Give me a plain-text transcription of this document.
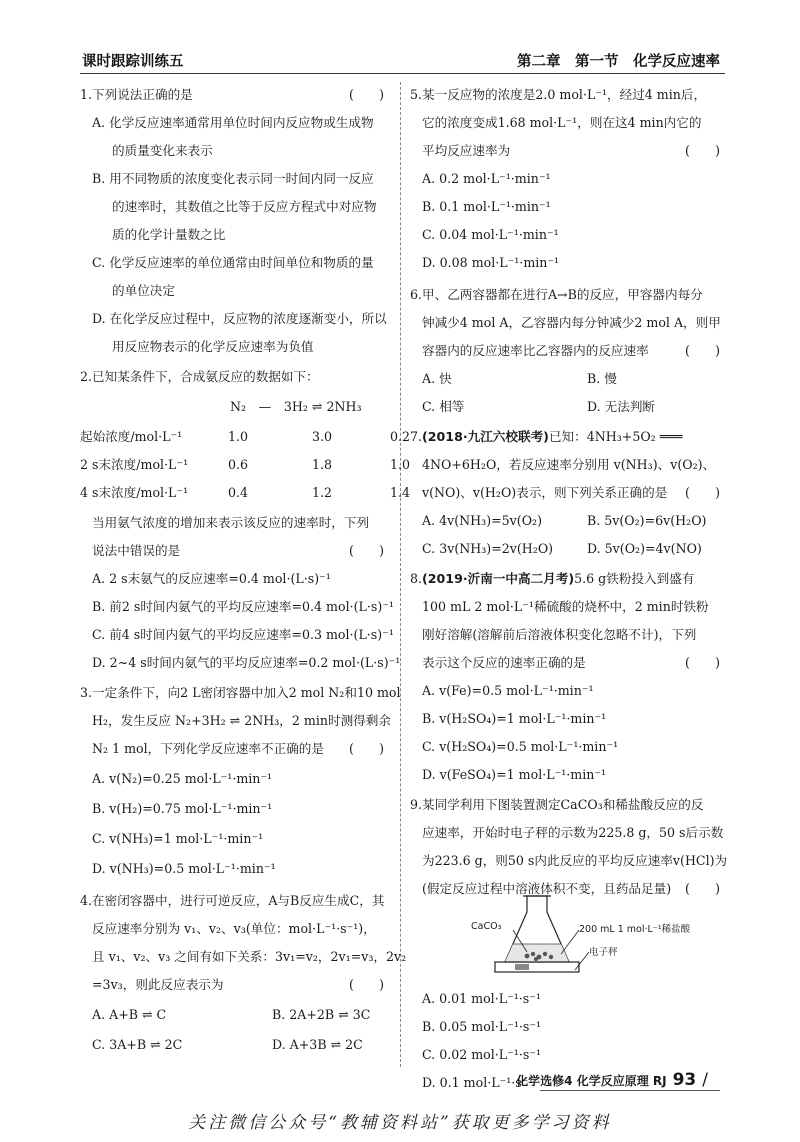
课时跟踪训练五	第二章　第一节　化学反应速率
1.下列说法正确的是	(　　)
A. 化学反应速率通常用单位时间内反应物或生成物
的质量变化来表示
B. 用不同物质的浓度变化表示同一时间内同一反应
的速率时，其数值之比等于反应方程式中对应物
质的化学计量数之比
C. 化学反应速率的单位通常由时间单位和物质的量
的单位决定
D. 在化学反应过程中，反应物的浓度逐渐变小，所以
用反应物表示的化学反应速率为负值
2.已知某条件下，合成氨反应的数据如下：
N₂　—　3H₂ ⇌ 2NH₃
起始浓度/mol·L⁻¹	1.0	3.0	0.2
2 s末浓度/mol·L⁻¹	0.6	1.8	1.0
4 s末浓度/mol·L⁻¹	0.4	1.2	1.4
当用氨气浓度的增加来表示该反应的速率时，下列
说法中错误的是	(　　)
A. 2 s末氨气的反应速率=0.4 mol·(L·s)⁻¹
B. 前2 s时间内氨气的平均反应速率=0.4 mol·(L·s)⁻¹
C. 前4 s时间内氨气的平均反应速率=0.3 mol·(L·s)⁻¹
D. 2~4 s时间内氨气的平均反应速率=0.2 mol·(L·s)⁻¹
3.一定条件下，向2 L密闭容器中加入2 mol N₂和10 mol
H₂，发生反应 N₂+3H₂ ⇌ 2NH₃，2 min时测得剩余
N₂ 1 mol，下列化学反应速率不正确的是 (　　)
A. v(N₂)=0.25 mol·L⁻¹·min⁻¹
B. v(H₂)=0.75 mol·L⁻¹·min⁻¹
C. v(NH₃)=1 mol·L⁻¹·min⁻¹
D. v(NH₃)=0.5 mol·L⁻¹·min⁻¹
4.在密闭容器中，进行可逆反应，A与B反应生成C，其
反应速率分别为 v₁、v₂、v₃(单位：mol·L⁻¹·s⁻¹)，
且 v₁、v₂、v₃ 之间有如下关系：3v₁=v₂，2v₁=v₃，2v₂
=3v₃，则此反应表示为	(　　)
A. A+B ⇌ C	B. 2A+2B ⇌ 3C
C. 3A+B ⇌ 2C	D. A+3B ⇌ 2C
5.某一反应物的浓度是2.0 mol·L⁻¹，经过4 min后，
它的浓度变成1.68 mol·L⁻¹，则在这4 min内它的
平均反应速率为	(　　)
A. 0.2 mol·L⁻¹·min⁻¹
B. 0.1 mol·L⁻¹·min⁻¹
C. 0.04 mol·L⁻¹·min⁻¹
D. 0.08 mol·L⁻¹·min⁻¹
6.甲、乙两容器都在进行A→B的反应，甲容器内每分
钟减少4 mol A，乙容器内每分钟减少2 mol A，则甲
容器内的反应速率比乙容器内的反应速率	(　　)
A. 快	B. 慢
C. 相等	D. 无法判断
7.(2018·九江六校联考)已知：4NH₃+5O₂ ═══
4NO+6H₂O，若反应速率分别用 v(NH₃)、v(O₂)、
v(NO)、v(H₂O)表示，则下列关系正确的是 (　　)
A. 4v(NH₃)=5v(O₂)	B. 5v(O₂)=6v(H₂O)
C. 3v(NH₃)=2v(H₂O)	D. 5v(O₂)=4v(NO)
8.(2019·沂南一中高二月考)5.6 g铁粉投入到盛有
100 mL 2 mol·L⁻¹稀硫酸的烧杯中，2 min时铁粉
刚好溶解(溶解前后溶液体积变化忽略不计)，下列
表示这个反应的速率正确的是	(　　)
A. v(Fe)=0.5 mol·L⁻¹·min⁻¹
B. v(H₂SO₄)=1 mol·L⁻¹·min⁻¹
C. v(H₂SO₄)=0.5 mol·L⁻¹·min⁻¹
D. v(FeSO₄)=1 mol·L⁻¹·min⁻¹
9.某同学利用下图装置测定CaCO₃和稀盐酸反应的反
应速率，开始时电子秤的示数为225.8 g，50 s后示数
为223.6 g，则50 s内此反应的平均反应速率v(HCl)为
(假定反应过程中溶液体积不变，且药品足量) (　　)
A. 0.01 mol·L⁻¹·s⁻¹
B. 0.05 mol·L⁻¹·s⁻¹
C. 0.02 mol·L⁻¹·s⁻¹
D. 0.1 mol·L⁻¹·s⁻¹
CaCO₃	200 mL 1 mol·L⁻¹稀盐酸
电子秤
化学选修4 化学反应原理 RJ 93 /
关注微信公众号“教辅资料站”获取更多学习资料
